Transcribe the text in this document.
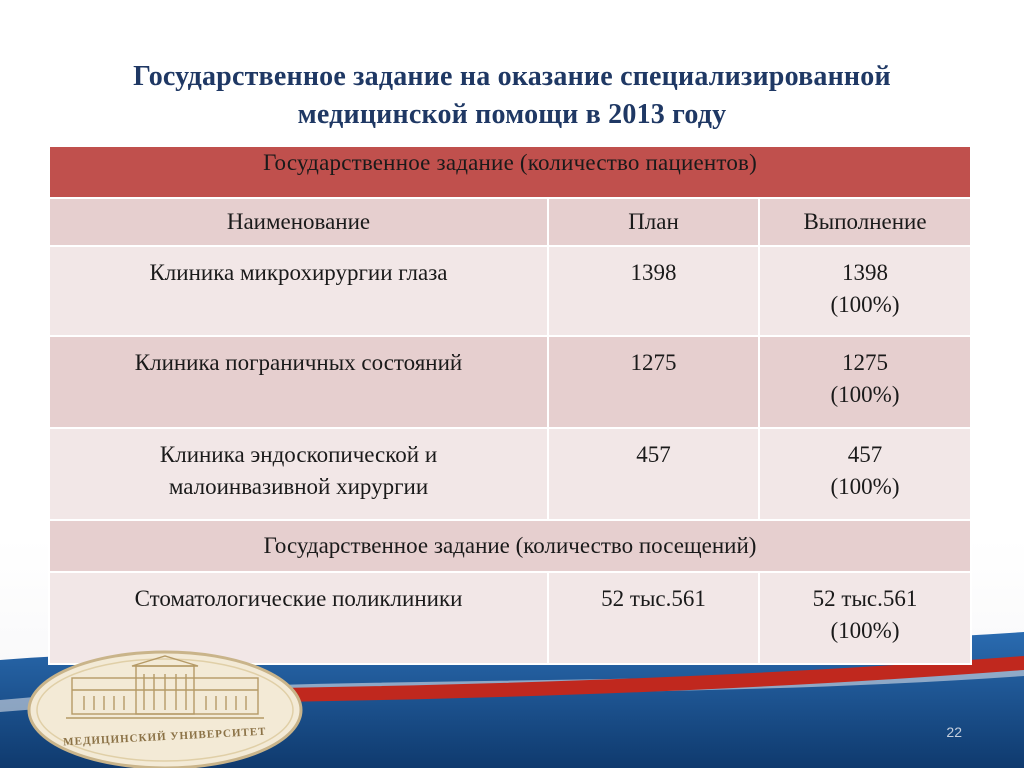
Государственное задание на оказание специализированной
медицинской помощи в 2013 году
Государственное задание (количество пациентов)		
Наименование	План	Выполнение

Клиника микрохирургии глаза	1398	1398
(100%)

Клиника пограничных состояний	1275	1275
(100%)

Клиника эндоскопической и
малоинвазивной хирургии	457	457
(100%)

Государственное задание (количество посещений)		
Стоматологические поликлиники	52 тыс.561	52 тыс.561
(100%)
МЕДИЦИНСКИЙ УНИВЕРСИТЕТ	22
